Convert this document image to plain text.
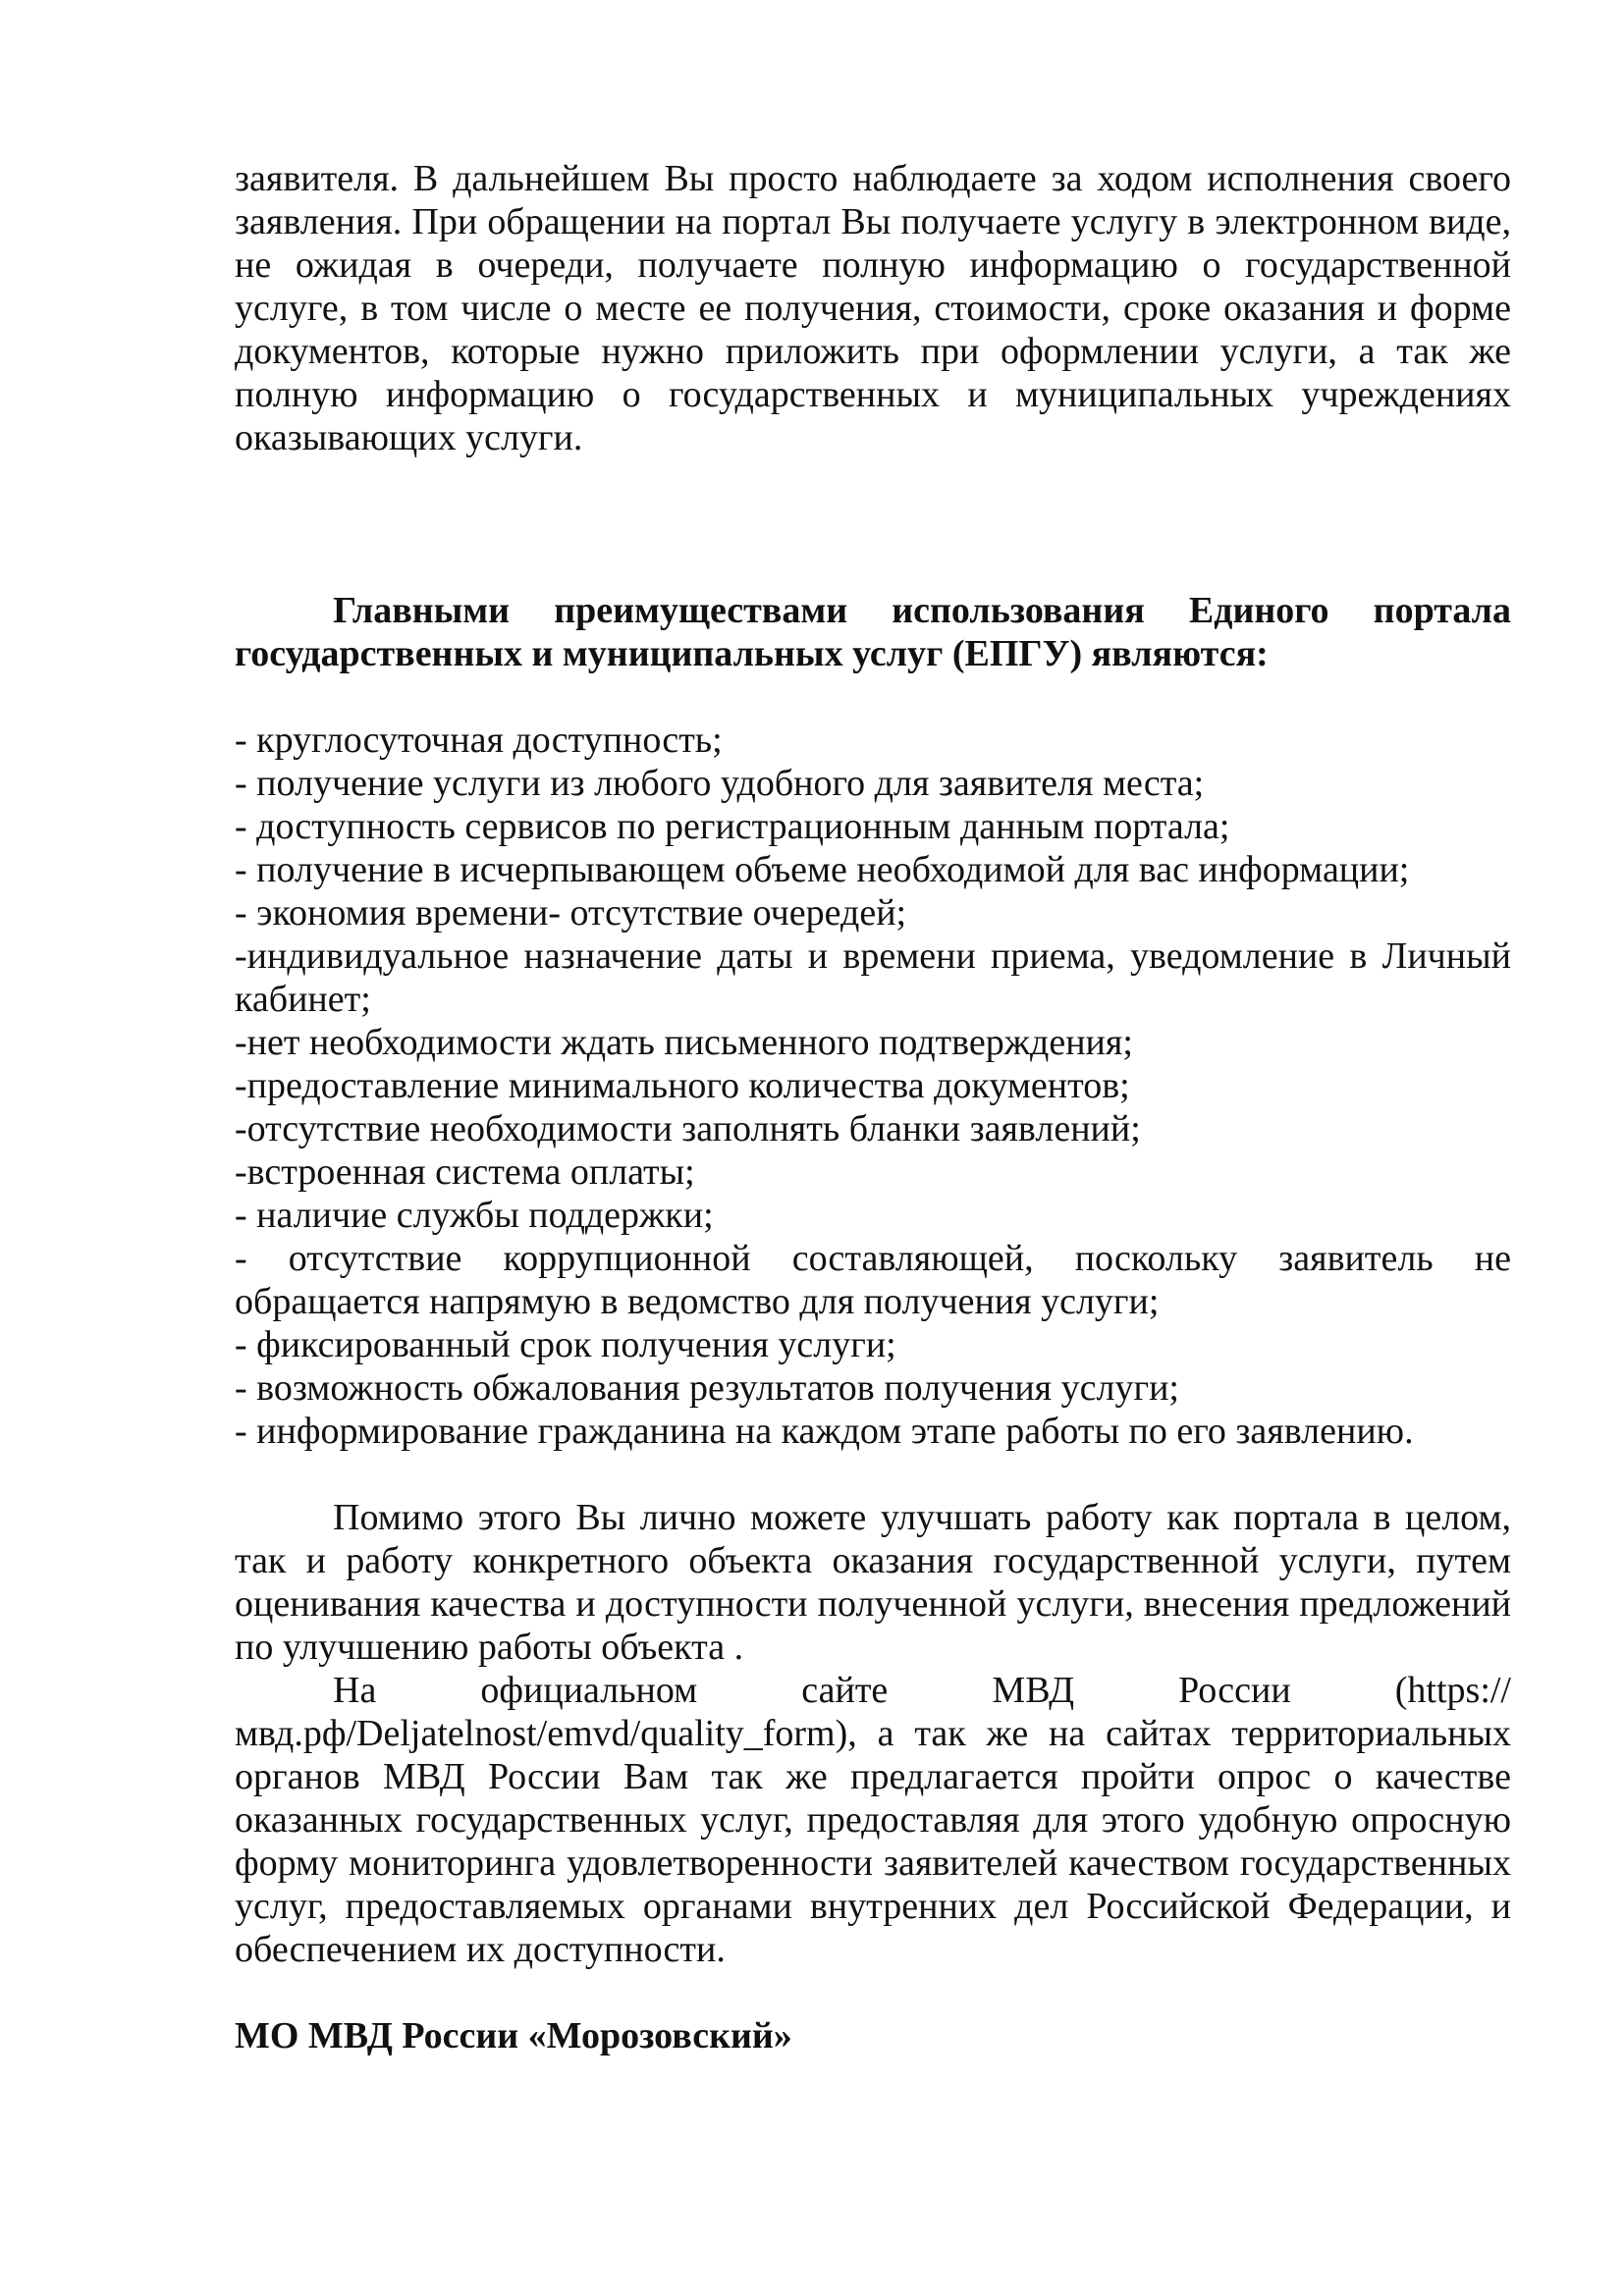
заявителя. В дальнейшем Вы просто наблюдаете за ходом исполнения своего заявления. При обращении на портал Вы получаете услугу в электронном виде, не ожидая в очереди, получаете полную информацию о государственной услуге, в том числе о месте ее получения, стоимости, сроке оказания и форме документов, которые нужно приложить при оформлении услуги, а так же полную информацию о государственных и муниципальных учреждениях оказывающих услуги.

Главными преимуществами использования Единого портала государственных и муниципальных услуг (ЕПГУ) являются:

- круглосуточная доступность;
- получение услуги из любого удобного для заявителя места;
- доступность сервисов по регистрационным данным портала;
- получение в исчерпывающем объеме необходимой для вас информации;
- экономия времени- отсутствие очередей;
-индивидуальное назначение даты и времени приема, уведомление в Личный кабинет;
-нет необходимости ждать письменного подтверждения;
-предоставление минимального количества документов;
-отсутствие необходимости заполнять бланки заявлений;
-встроенная система оплаты;
- наличие службы поддержки;
- отсутствие коррупционной составляющей, поскольку заявитель не обращается напрямую в ведомство для получения услуги;
- фиксированный срок получения услуги;
- возможность обжалования результатов получения услуги;
- информирование гражданина на каждом этапе работы по его заявлению.

Помимо этого Вы лично можете улучшать работу как портала в целом, так и работу конкретного объекта оказания государственной услуги, путем оценивания качества и доступности полученной услуги, внесения предложений по улучшению работы объекта .

На официальном сайте МВД России (https://мвд.рф/Deljatelnost/emvd/quality_form), а так же на сайтах территориальных органов МВД России Вам так же предлагается пройти опрос о качестве оказанных государственных услуг, предоставляя для этого удобную опросную форму мониторинга удовлетворенности заявителей качеством государственных услуг, предоставляемых органами внутренних дел Российской Федерации, и обеспечением их доступности.

МО МВД России «Морозовский»
